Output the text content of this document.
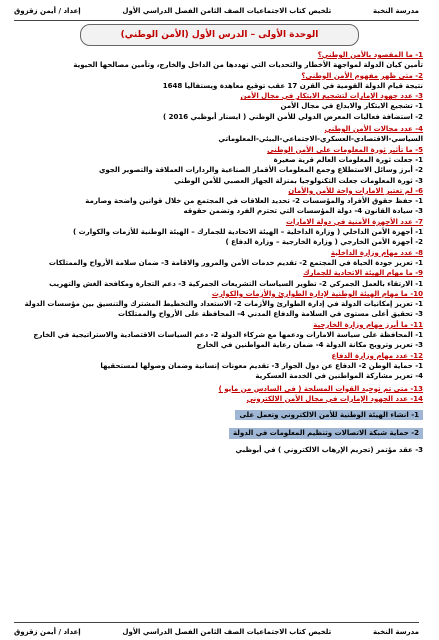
مدرسة النخبة
تلخيص كتاب الاجتماعيات الصف الثامن الفصل الدراسي الأول
إعداد / أيمن زقزوق
الوحدة الأولى – الدرس الأول (الأمن الوطني)
1- ما المقصود بالأمن الوطني؟
تأمين كيان الدولة لمواجهة الأخطار والتحديات التي تهددها من الداخل والخارج، وتأمين مصالحها الحيوية
2- متى ظهر مفهوم الأمن الوطني؟
نتيجة قيام الدولة القومية في القرن 17 عقب توقيع معاهدة ويستفاليا 1648
3- عدد جهود الإمارات لتشجيع الابتكار في مجال الأمن
1- تشجيع الابتكار والابداع في مجال الأمن
2- استضافة فعاليات المعرض الدولي للأمن الوطني ( ايسنار أبوظبي 2016 )
4- عدد مجالات الأمن الوطني
السياسي-الاقتصادي-العسكري-الاجتماعي-البيئي-المعلوماتي
5- ما تأثير ثورة المعلومات على الأمن الوطني
1- جعلت ثورة المعلومات العالم قرية صغيرة
2- أبرز وسائل الاستطلاع وجمع المعلومات الأقمار الصناعية والردارات العملاقة والتصوير الجوي
3- ثورة المعلومات جعلت التكنولوجيا بمنزلة الجهاز العصبي للأمن الوطني
6- لم تعتبر الامارات واحة للأمن والأمان
1- حفظ حقوق الأفراد والمؤسسات 2- تحديد العلاقات في المجتمع من خلال قوانين واضحة وصارمة
3- سيادة القانون 4- دولة المؤسسات التي تحترم الفرد وتضمن حقوقه
7- عدد الأجهزة الأمنية في دولة الامارات
1- أجهزة الأمن الداخلي ( وزارة الداخلية – الهيئة الاتحادية للجمارك – الهيئة الوطنية للأزمات والكوارث )
2- أجهزة الأمن الخارجي ( وزارة الخارجية – وزارة الدفاع )
8- عدد مهام وزارة الداخلية
1- تعزيز جودة الحياة في المجتمع 2- تقديم خدمات الأمن والمرور والاقامة 3- ضمان سلامة الأرواح والممتلكات
9- ما مهام الهيئة الاتحادية للجمارك
1- الارتقاء بالعمل الجمركي 2- تطوير السياسات التشريعات الجمركية 3- دعم التجارة ومكافحة الغش والتهريب
10- ما مهام الهيئة الوطنية لإدارة الطوارئ والأزمات والكوارث
1- تعزيز إمكانيات الدولة في إدارة الطوارئ والأزمات 2- الاستعداد والتخطيط المشترك والتنسيق بين مؤسسات الدولة
3- تحقيق أعلى مستوى في السلامة والدفاع المدني 4- المحافظة على الأرواح والممتلكات
11- ما أبرز مهام وزارة الخارجية
1- المحافظة على سياسة الامارات ودعمها مع شركاء الدولة 2- دعم السياسات الاقتصادية والاستراتيجية في الخارج
3- تعزيز وترويج مكانة الدولة 4- ضمان رعاية المواطنين في الخارج
12- عدد مهام وزارة الدفاع
1- حماية الوطن 2- الدفاع عن دول الجوار 3- تقديم معونات إنسانية وضمان وصولها لمستحقيها
4- تعزيز مشاركة المواطنين في الخدمة العسكرية
13- متى تم توحيد القوات المسلحة ( في السادس من مايو )
14- عدد الجهود الإمارات في مجال الأمن الالكتروني
1- انشاء الهيئة الوطنية للأمن الالكتروني وتعمل على
2- حماية شبكة الاتصالات وتنظيم المعلومات في الدولة
3- عقد مؤتمر (تجريم الإرهاب الالكتروني ) في أبوظبي
مدرسة النخبة
تلخيص كتاب الاجتماعيات الصف الثامن الفصل الدراسي الأول
إعداد / أيمن زقزوق
